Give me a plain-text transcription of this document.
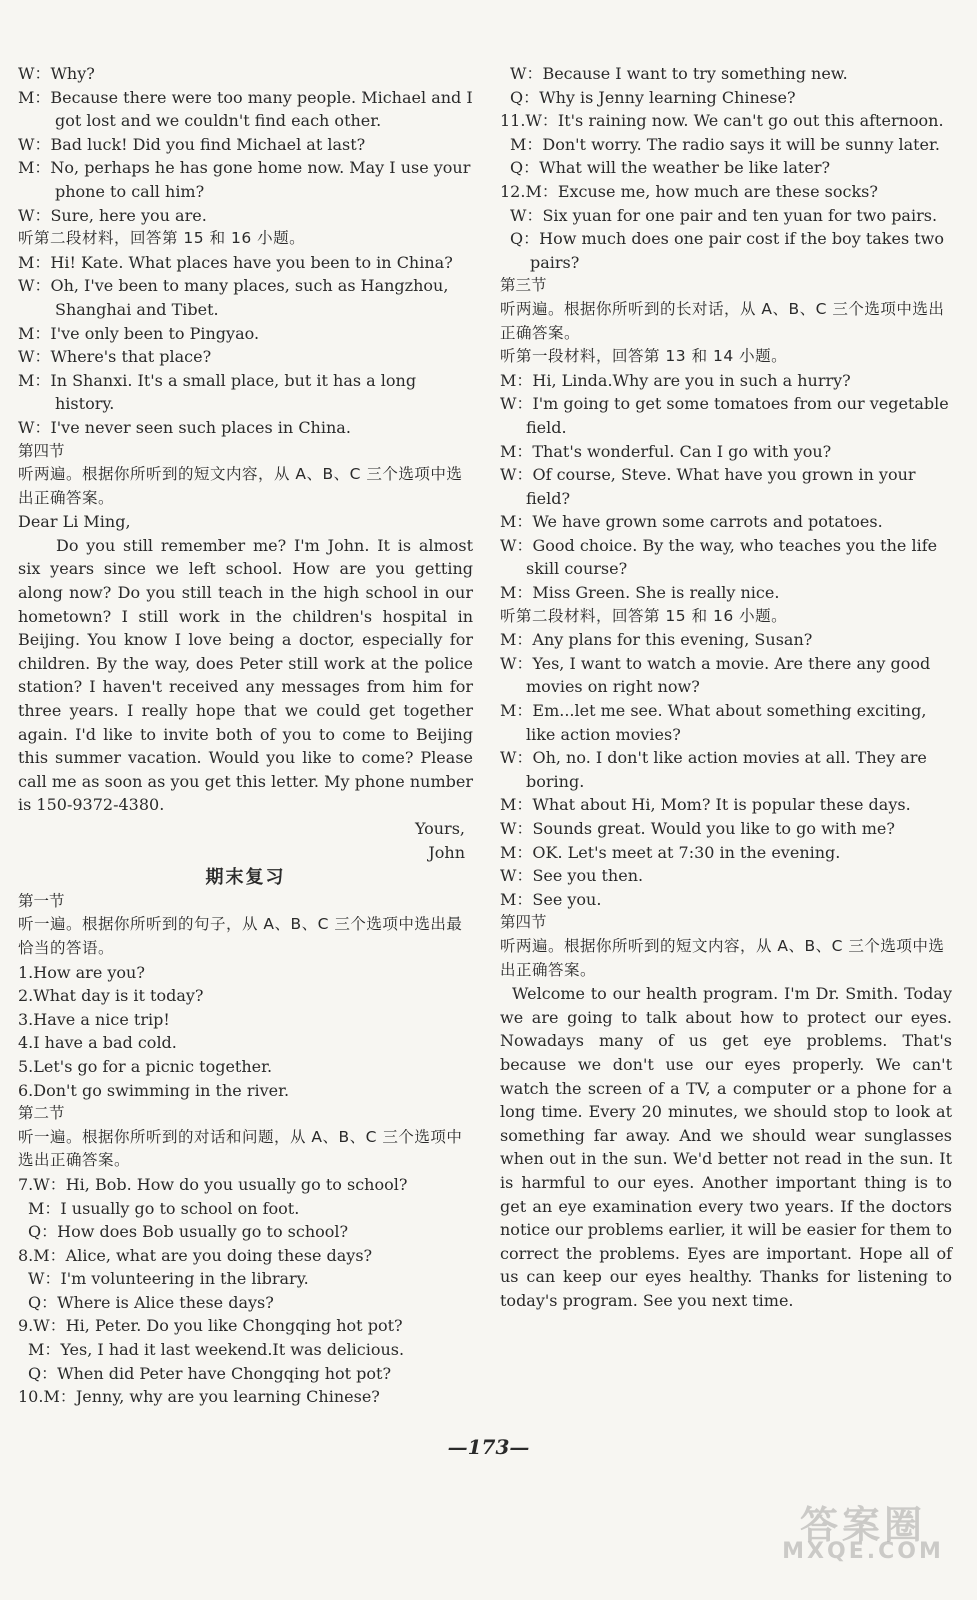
W：Why?
M：Because there were too many people. Michael and I got lost and we couldn't find each other.
W：Bad luck! Did you find Michael at last?
M：No, perhaps he has gone home now. May I use your phone to call him?
W：Sure, here you are.
听第二段材料，回答第 15 和 16 小题。
M：Hi! Kate. What places have you been to in China?
W：Oh, I've been to many places, such as Hangzhou, Shanghai and Tibet.
M：I've only been to Pingyao.
W：Where's that place?
M：In Shanxi. It's a small place, but it has a long history.
W：I've never seen such places in China.
第四节
听两遍。根据你所听到的短文内容，从 A、B、C 三个选项中选出正确答案。
Dear Li Ming,
Do you still remember me? I'm John. It is almost six years since we left school. How are you getting along now? Do you still teach in the high school in our hometown? I still work in the children's hospital in Beijing. You know I love being a doctor, especially for children. By the way, does Peter still work at the police station? I haven't received any messages from him for three years. I really hope that we could get together again. I'd like to invite both of you to come to Beijing this summer vacation. Would you like to come? Please call me as soon as you get this letter. My phone number is 150-9372-4380.
Yours,
John
期末复习
第一节
听一遍。根据你所听到的句子，从 A、B、C 三个选项中选出最恰当的答语。
1.How are you?
2.What day is it today?
3.Have a nice trip!
4.I have a bad cold.
5.Let's go for a picnic together.
6.Don't go swimming in the river.
第二节
听一遍。根据你所听到的对话和问题，从 A、B、C 三个选项中选出正确答案。
7.W：Hi, Bob. How do you usually go to school?
M：I usually go to school on foot.
Q：How does Bob usually go to school?
8.M：Alice, what are you doing these days?
W：I'm volunteering in the library.
Q：Where is Alice these days?
9.W：Hi, Peter. Do you like Chongqing hot pot?
M：Yes, I had it last weekend.It was delicious.
Q：When did Peter have Chongqing hot pot?
10.M：Jenny, why are you learning Chinese?
W：Because I want to try something new.
Q：Why is Jenny learning Chinese?
11.W：It's raining now. We can't go out this afternoon.
M：Don't worry. The radio says it will be sunny later.
Q：What will the weather be like later?
12.M：Excuse me, how much are these socks?
W：Six yuan for one pair and ten yuan for two pairs.
Q：How much does one pair cost if the boy takes two pairs?
第三节
听两遍。根据你所听到的长对话，从 A、B、C 三个选项中选出正确答案。
听第一段材料，回答第 13 和 14 小题。
M：Hi, Linda.Why are you in such a hurry?
W：I'm going to get some tomatoes from our vegetable field.
M：That's wonderful. Can I go with you?
W：Of course, Steve. What have you grown in your field?
M：We have grown some carrots and potatoes.
W：Good choice. By the way, who teaches you the life skill course?
M：Miss Green. She is really nice.
听第二段材料，回答第 15 和 16 小题。
M：Any plans for this evening, Susan?
W：Yes, I want to watch a movie. Are there any good movies on right now?
M：Em...let me see. What about something exciting, like action movies?
W：Oh, no. I don't like action movies at all. They are boring.
M：What about Hi, Mom? It is popular these days.
W：Sounds great. Would you like to go with me?
M：OK. Let's meet at 7:30 in the evening.
W：See you then.
M：See you.
第四节
听两遍。根据你所听到的短文内容，从 A、B、C 三个选项中选出正确答案。
Welcome to our health program. I'm Dr. Smith. Today we are going to talk about how to protect our eyes. Nowadays many of us get eye problems. That's because we don't use our eyes properly. We can't watch the screen of a TV, a computer or a phone for a long time. Every 20 minutes, we should stop to look at something far away. And we should wear sunglasses when out in the sun. We'd better not read in the sun. It is harmful to our eyes. Another important thing is to get an eye examination every two years. If the doctors notice our problems earlier, it will be easier for them to correct the problems. Eyes are important. Hope all of us can keep our eyes healthy. Thanks for listening to today's program. See you next time.
—173—
答案圈
MXQE.COM
